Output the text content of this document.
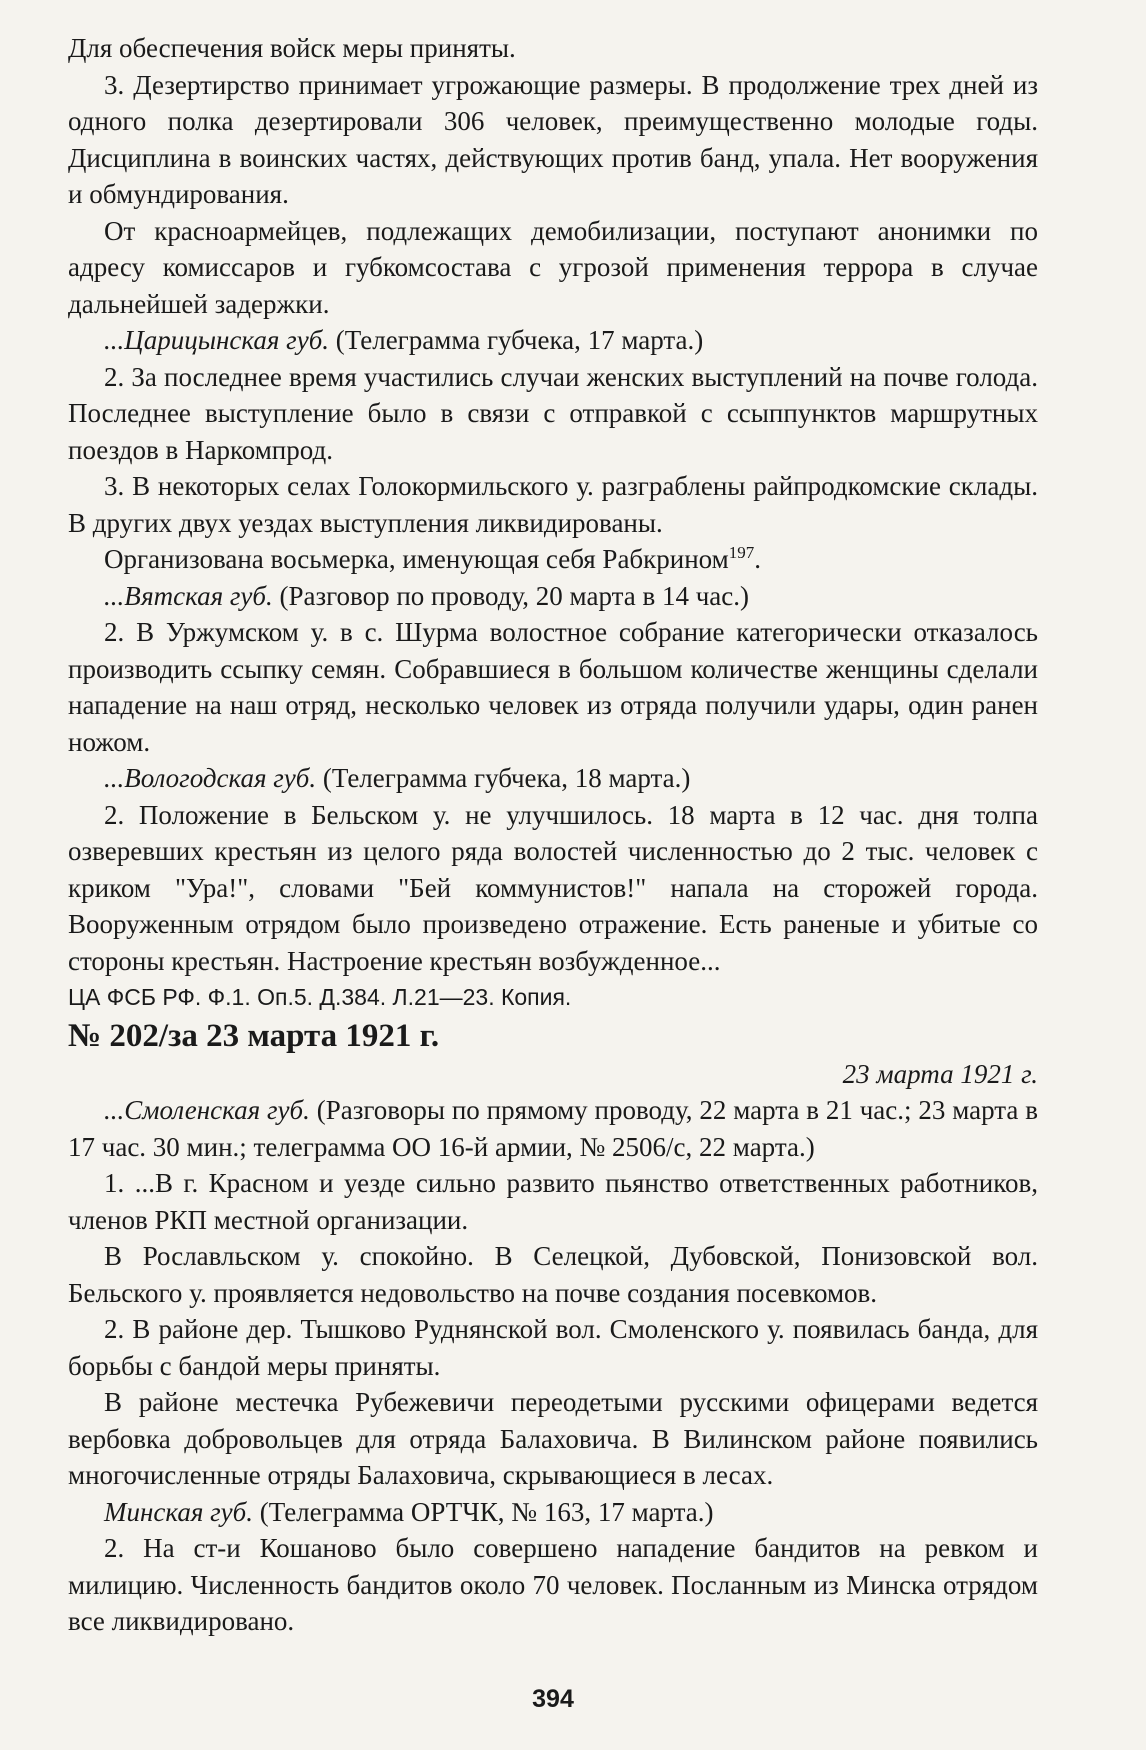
Для обеспечения войск меры приняты.

3. Дезертирство принимает угрожающие размеры. В продолжение трех дней из одного полка дезертировали 306 человек, преимущественно молодые годы. Дисциплина в воинских частях, действующих против банд, упала. Нет вооружения и обмундирования.

От красноармейцев, подлежащих демобилизации, поступают анонимки по адресу комиссаров и губкомсостава с угрозой применения террора в случае дальнейшей задержки.

...Царицынская губ. (Телеграмма губчека, 17 марта.)

2. За последнее время участились случаи женских выступлений на почве голода. Последнее выступление было в связи с отправкой с ссыппунктов маршрутных поездов в Наркомпрод.

3. В некоторых селах Голокормильского у. разграблены райпродкомские склады. В других двух уездах выступления ликвидированы.

Организована восьмерка, именующая себя Рабкрином$^{197}$.

...Вятская губ. (Разговор по проводу, 20 марта в 14 час.)

2. В Уржумском у. в с. Шурма волостное собрание категорически отказалось производить ссыпку семян. Собравшиеся в большом количестве женщины сделали нападение на наш отряд, несколько человек из отряда получили удары, один ранен ножом.

...Вологодская губ. (Телеграмма губчека, 18 марта.)

2. Положение в Бельском у. не улучшилось. 18 марта в 12 час. дня толпа озверевших крестьян из целого ряда волостей численностью до 2 тыс. человек с криком "Ура!", словами "Бей коммунистов!" напала на сторожей города. Вооруженным отрядом было произведено отражение. Есть раненые и убитые со стороны крестьян. Настроение крестьян возбужденное...

ЦА ФСБ РФ. Ф.1. Оп.5. Д.384. Л.21—23. Копия.

№ 202/за 23 марта 1921 г.

23 марта 1921 г.

...Смоленская губ. (Разговоры по прямому проводу, 22 марта в 21 час.; 23 марта в 17 час. 30 мин.; телеграмма ОО 16-й армии, № 2506/с, 22 марта.)

1. ...В г. Красном и уезде сильно развито пьянство ответственных работников, членов РКП местной организации.

В Рославльском у. спокойно. В Селецкой, Дубовской, Понизовской вол. Бельского у. проявляется недовольство на почве создания посевкомов.

2. В районе дер. Тышково Руднянской вол. Смоленского у. появилась банда, для борьбы с бандой меры приняты.

В районе местечка Рубежевичи переодетыми русскими офицерами ведется вербовка добровольцев для отряда Балаховича. В Вилинском районе появились многочисленные отряды Балаховича, скрывающиеся в лесах.

Минская губ. (Телеграмма ОРТЧК, № 163, 17 марта.)

2. На ст-и Кошаново было совершено нападение бандитов на ревком и милицию. Численность бандитов около 70 человек. Посланным из Минска отрядом все ликвидировано.

394
